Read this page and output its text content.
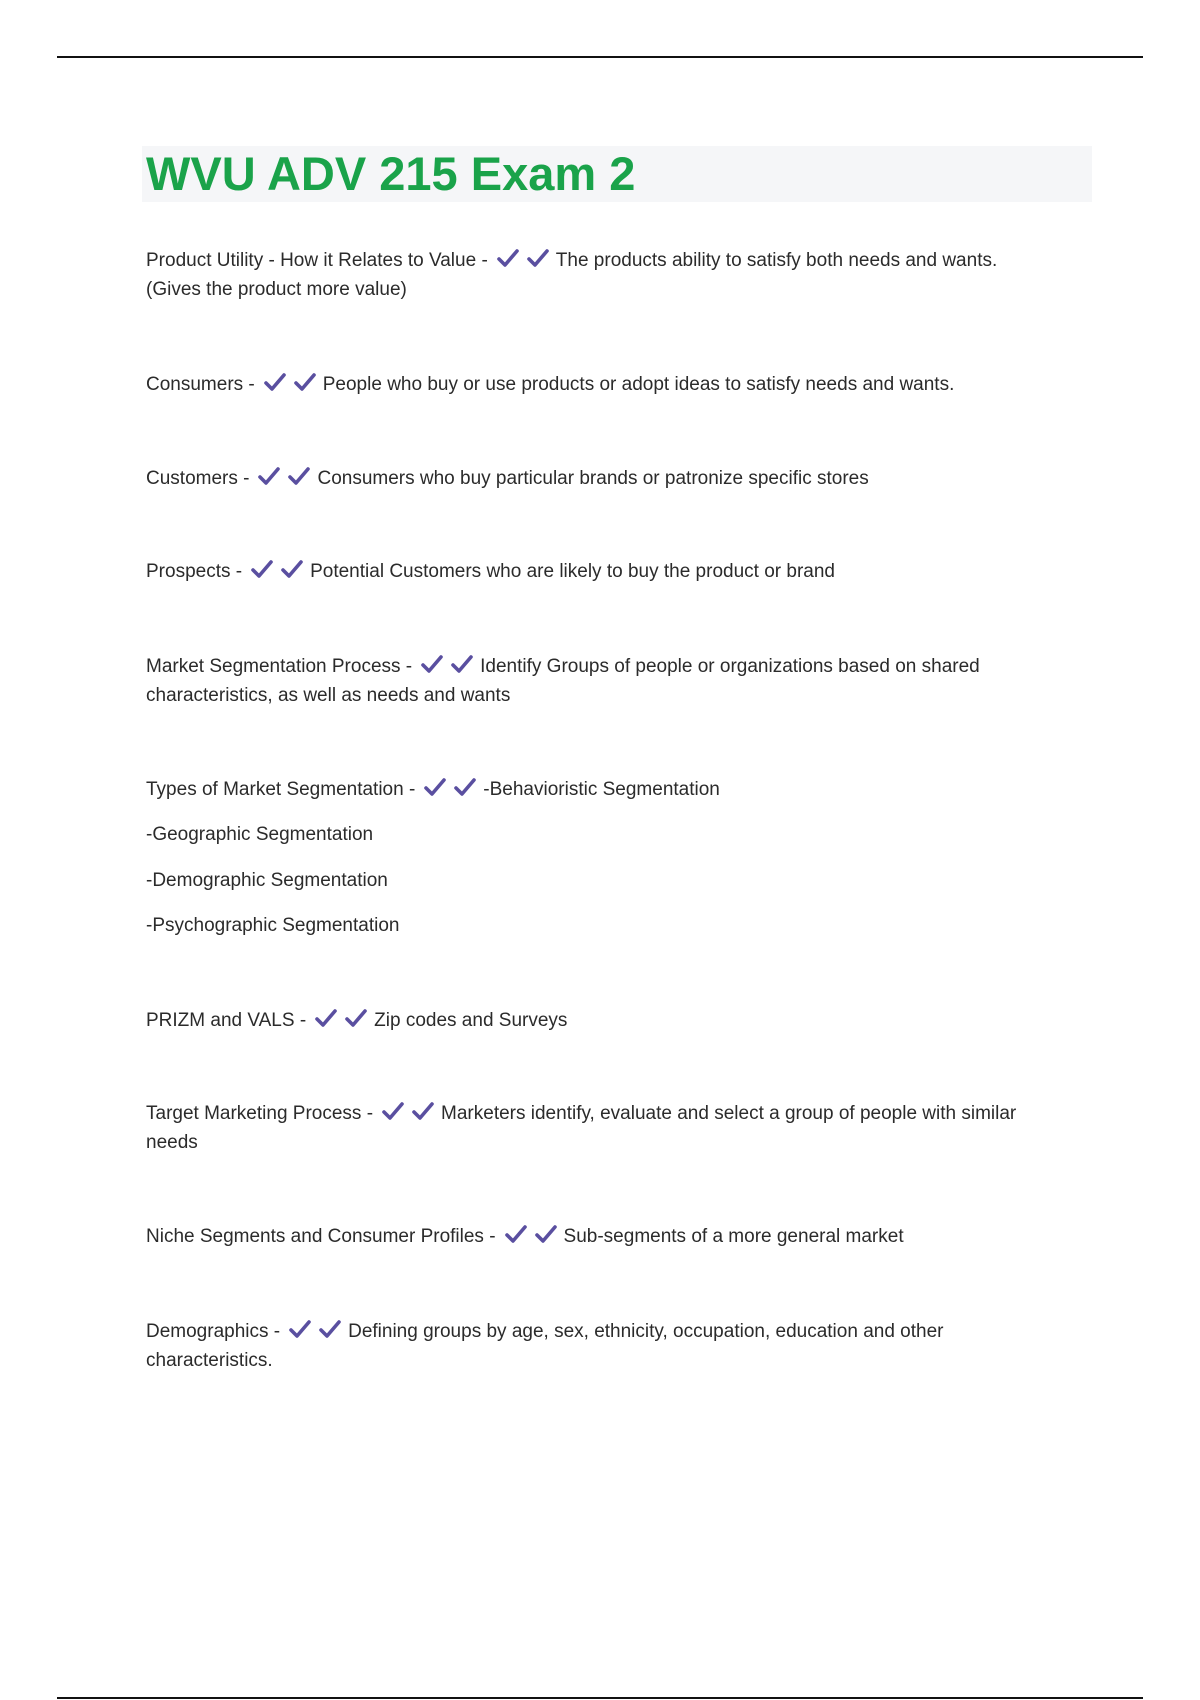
WVU ADV 215 Exam 2
Product Utility - How it Relates to Value -	The products ability to satisfy both needs and wants.
(Gives the product more value)
Consumers -	People who buy or use products or adopt ideas to satisfy needs and wants.
Customers -	Consumers who buy particular brands or patronize specific stores
Prospects -	Potential Customers who are likely to buy the product or brand
Market Segmentation Process -	Identify Groups of people or organizations based on shared
characteristics, as well as needs and wants
Types of Market Segmentation -	-Behavioristic Segmentation
-Geographic Segmentation
-Demographic Segmentation
-Psychographic Segmentation
PRIZM and VALS -	Zip codes and Surveys
Target Marketing Process -	Marketers identify, evaluate and select a group of people with similar
needs
Niche Segments and Consumer Profiles -	Sub-segments of a more general market
Demographics -	Defining groups by age, sex, ethnicity, occupation, education and other
characteristics.
